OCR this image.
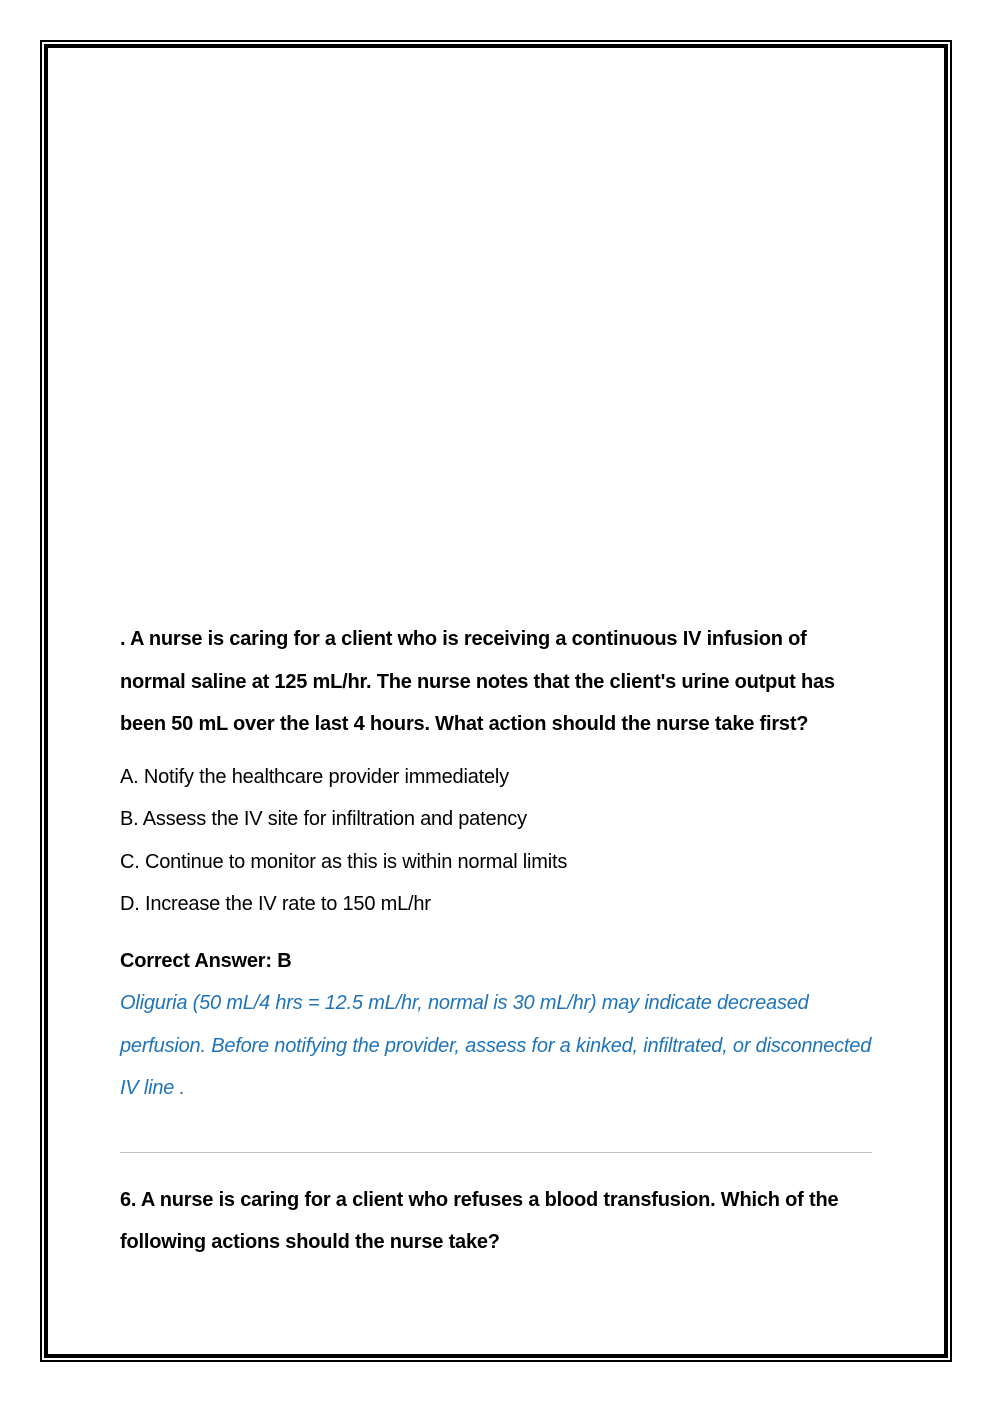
. A nurse is caring for a client who is receiving a continuous IV infusion of normal saline at 125 mL/hr. The nurse notes that the client's urine output has been 50 mL over the last 4 hours. What action should the nurse take first?

A. Notify the healthcare provider immediately

B. Assess the IV site for infiltration and patency

C. Continue to monitor as this is within normal limits

D. Increase the IV rate to 150 mL/hr

Correct Answer: B

Oliguria (50 mL/4 hrs = 12.5 mL/hr, normal is 30 mL/hr) may indicate decreased perfusion. Before notifying the provider, assess for a kinked, infiltrated, or disconnected IV line .

6. A nurse is caring for a client who refuses a blood transfusion. Which of the following actions should the nurse take?
